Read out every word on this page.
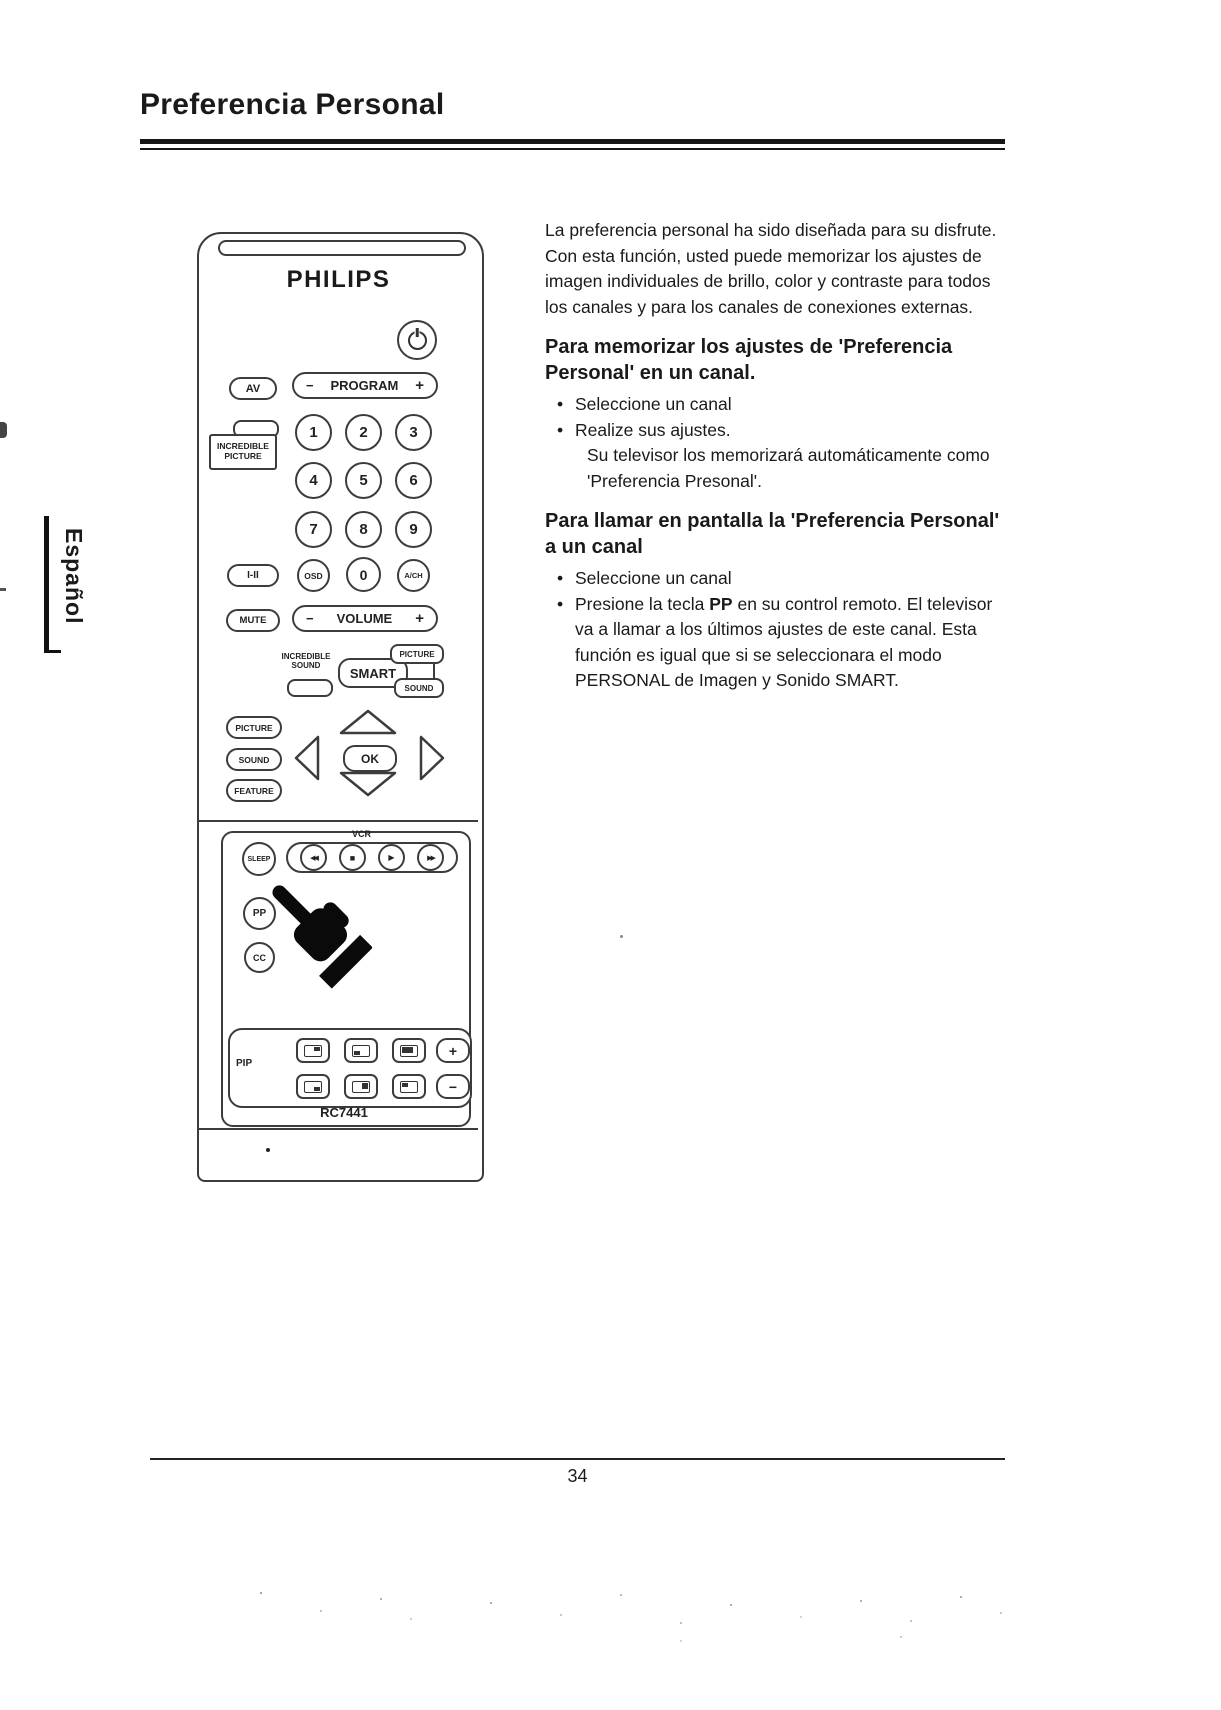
Preferencia Personal
Español
PHILIPS
AV	− PROGRAM +
INCREDIBLE
PICTURE
1	2	3
4	5	6
7	8	9
I-II	OSD	0	A/CH
MUTE	− VOLUME +
INCREDIBLE SOUND	SMART
PICTURE
SOUND
PICTURE
SOUND
FEATURE
OK
SLEEP
VCR
◀◀	■	▶	▶▶
PP
CC
PIP
+
−
RC7441

La preferencia personal ha sido diseñada para su disfrute. Con esta función, usted puede memorizar los ajustes de imagen individuales de brillo, color y contraste para todos los canales y para los canales de conexiones externas.

Para memorizar los ajustes de 'Preferencia Personal' en un canal.
• Seleccione un canal
• Realize sus ajustes.
Su televisor los memorizará automáticamente como 'Preferencia Presonal'.
Para llamar en pantalla la 'Preferencia Personal' a un canal
• Seleccione un canal
• Presione la tecla PP en su control remoto. El televisor va a llamar a los últimos ajustes de este canal. Esta función es igual que si se seleccionara el modo PERSONAL de Imagen y Sonido SMART.
34
